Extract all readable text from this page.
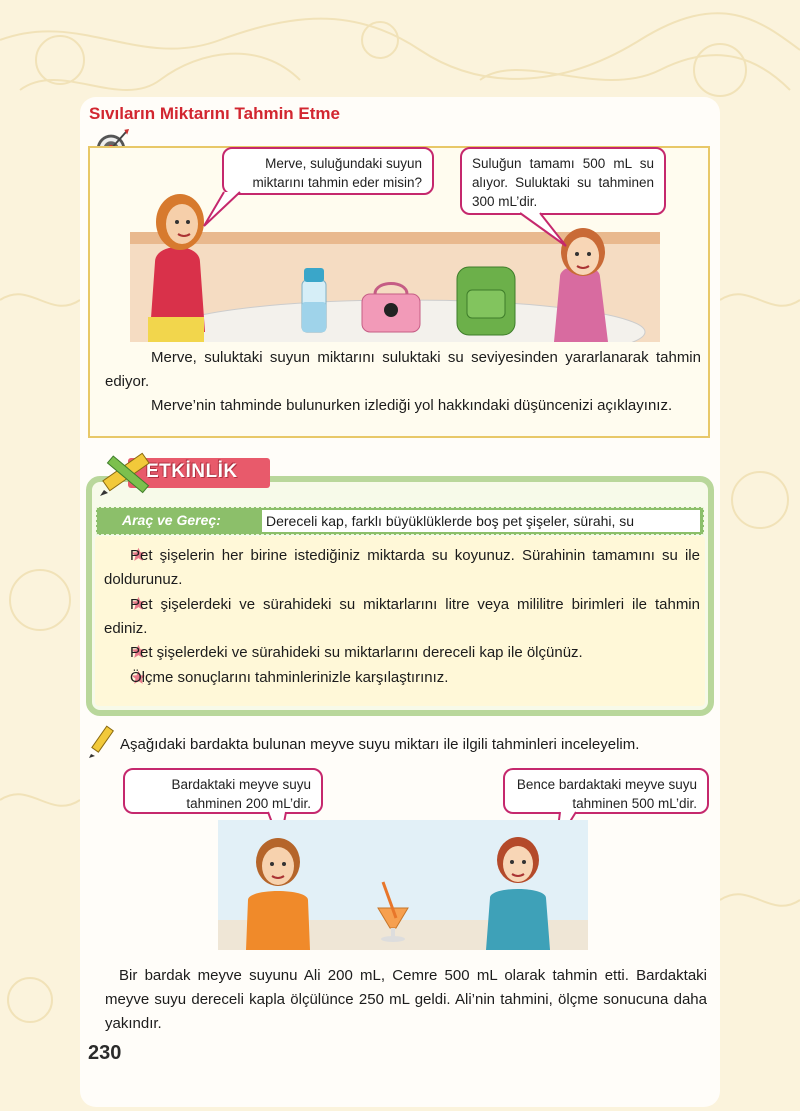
Sıvıların Miktarını Tahmin Etme
Merve, suluğundaki suyun miktarını tahmin eder misin?
Suluğun tamamı 500 mL su alıyor. Suluktaki su tahminen 300 mL’dir.

Merve, suluktaki suyun miktarını suluktaki su seviyesinden yararlanarak tahmin ediyor.

Merve’nin tahminde bulunurken izlediği yol hakkındaki düşüncenizi açıklayınız.

ETKİNLİK
Araç ve Gereç:	Dereceli kap, farklı büyüklüklerde boş pet şişeler, sürahi, su

Pet şişelerin her birine istediğiniz miktarda su koyunuz. Sürahinin tamamını su ile doldurunuz.

Pet şişelerdeki ve sürahideki su miktarlarını litre veya mililitre birimleri ile tahmin ediniz.

Pet şişelerdeki ve sürahideki su miktarlarını dereceli kap ile ölçünüz.

Ölçme sonuçlarını tahminlerinizle karşılaştırınız.

Aşağıdaki bardakta bulunan meyve suyu miktarı ile ilgili tahminleri inceleyelim.

Bardaktaki meyve suyu tahminen 200 mL’dir.
Bence bardaktaki meyve suyu tahminen 500 mL’dir.

Bir bardak meyve suyunu Ali 200 mL, Cemre 500 mL olarak tahmin etti. Bardaktaki meyve suyu dereceli kapla ölçülünce 250 mL geldi. Ali’nin tahmini, ölçme sonucuna daha yakındır.

230
